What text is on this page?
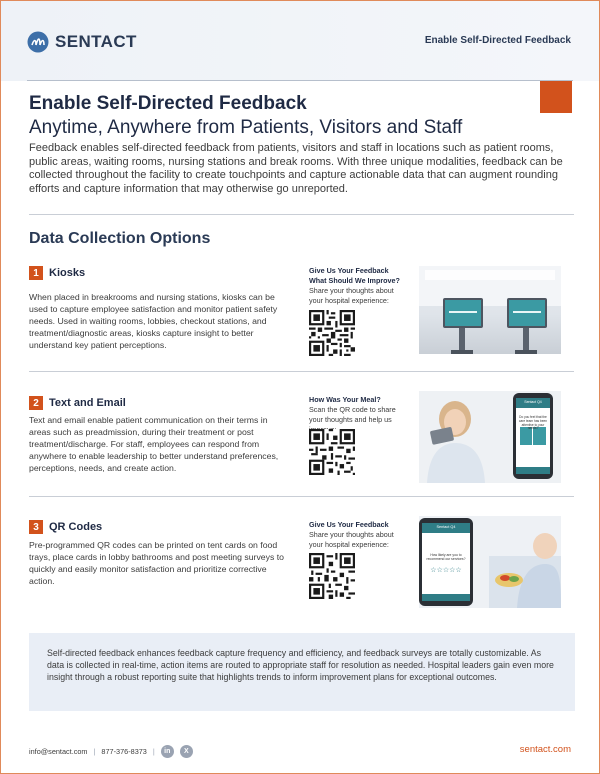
SENTACT	Enable Self-Directed Feedback
Enable Self-Directed Feedback
Anytime, Anywhere from Patients, Visitors and Staff

Feedback enables self-directed feedback from patients, visitors and staff in locations such as patient rooms, public areas, waiting rooms, nursing stations and break rooms. With three unique modalities, feedback can be collected throughout the facility to create touchpoints and capture actionable data that can augment rounding efforts and capture information that may otherwise go unreported.

Data Collection Options
1 Kiosks

When placed in breakrooms and nursing stations, kiosks can be used to capture employee satisfaction and monitor patient safety needs. Used in waiting rooms, lobbies, checkout stations, and treatment/diagnostic areas, kiosks capture insight to better understand key patient perceptions.

Give Us Your Feedback
What Should We Improve?
Share your thoughts about your hospital experience:
2 Text and Email

Text and email enable patient communication on their terms in areas such as preadmission, during their treatment or post treatment/discharge. For staff, employees can respond from anywhere to enable leadership to better understand preferences, perceptions, needs, and create action.

How Was Your Meal?
Scan the QR code to share your thoughts and help us
Sentact Q4
Do you feel that the care team has been attentive to your needs?
3 QR Codes

Pre-programmed QR codes can be printed on tent cards on food trays, place cards in lobby bathrooms and post meeting surveys to quickly and easily monitor satisfaction and prioritize corrective action.

Give Us Your Feedback
Share your thoughts about your hospital experience:
Sentact Q4
How likely are you to recommend our services?
☆☆☆☆☆

Self-directed feedback enhances feedback capture frequency and efficiency, and feedback surveys are totally customizable. As data is collected in real-time, action items are routed to appropriate staff for resolution as needed. Hospital leaders gain even more insight through a robust reporting suite that highlights trends to inform improvement plans for exceptional outcomes.

info@sentact.com | 877-376-8373 |	in	X	sentact.com
